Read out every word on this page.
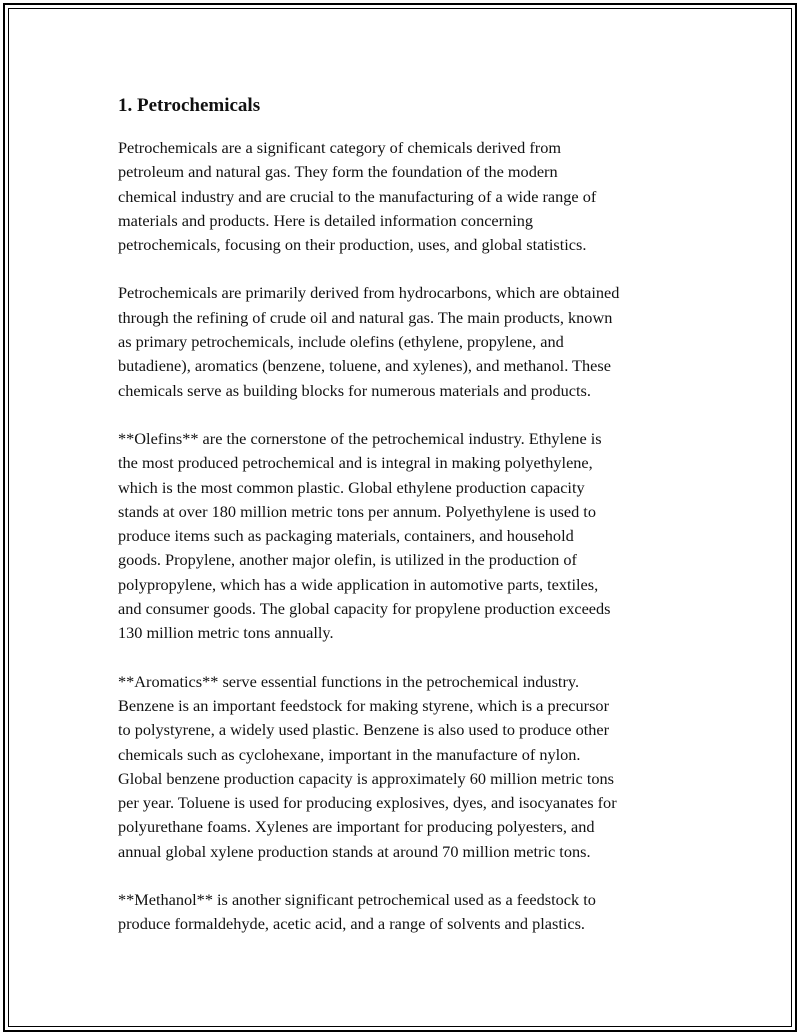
1. Petrochemicals

Petrochemicals are a significant category of chemicals derived from
petroleum and natural gas. They form the foundation of the modern
chemical industry and are crucial to the manufacturing of a wide range of
materials and products. Here is detailed information concerning
petrochemicals, focusing on their production, uses, and global statistics.

Petrochemicals are primarily derived from hydrocarbons, which are obtained
through the refining of crude oil and natural gas. The main products, known
as primary petrochemicals, include olefins (ethylene, propylene, and
butadiene), aromatics (benzene, toluene, and xylenes), and methanol. These
chemicals serve as building blocks for numerous materials and products.

**Olefins** are the cornerstone of the petrochemical industry. Ethylene is
the most produced petrochemical and is integral in making polyethylene,
which is the most common plastic. Global ethylene production capacity
stands at over 180 million metric tons per annum. Polyethylene is used to
produce items such as packaging materials, containers, and household
goods. Propylene, another major olefin, is utilized in the production of
polypropylene, which has a wide application in automotive parts, textiles,
and consumer goods. The global capacity for propylene production exceeds
130 million metric tons annually.

**Aromatics** serve essential functions in the petrochemical industry.
Benzene is an important feedstock for making styrene, which is a precursor
to polystyrene, a widely used plastic. Benzene is also used to produce other
chemicals such as cyclohexane, important in the manufacture of nylon.
Global benzene production capacity is approximately 60 million metric tons
per year. Toluene is used for producing explosives, dyes, and isocyanates for
polyurethane foams. Xylenes are important for producing polyesters, and
annual global xylene production stands at around 70 million metric tons.

**Methanol** is another significant petrochemical used as a feedstock to
produce formaldehyde, acetic acid, and a range of solvents and plastics.
